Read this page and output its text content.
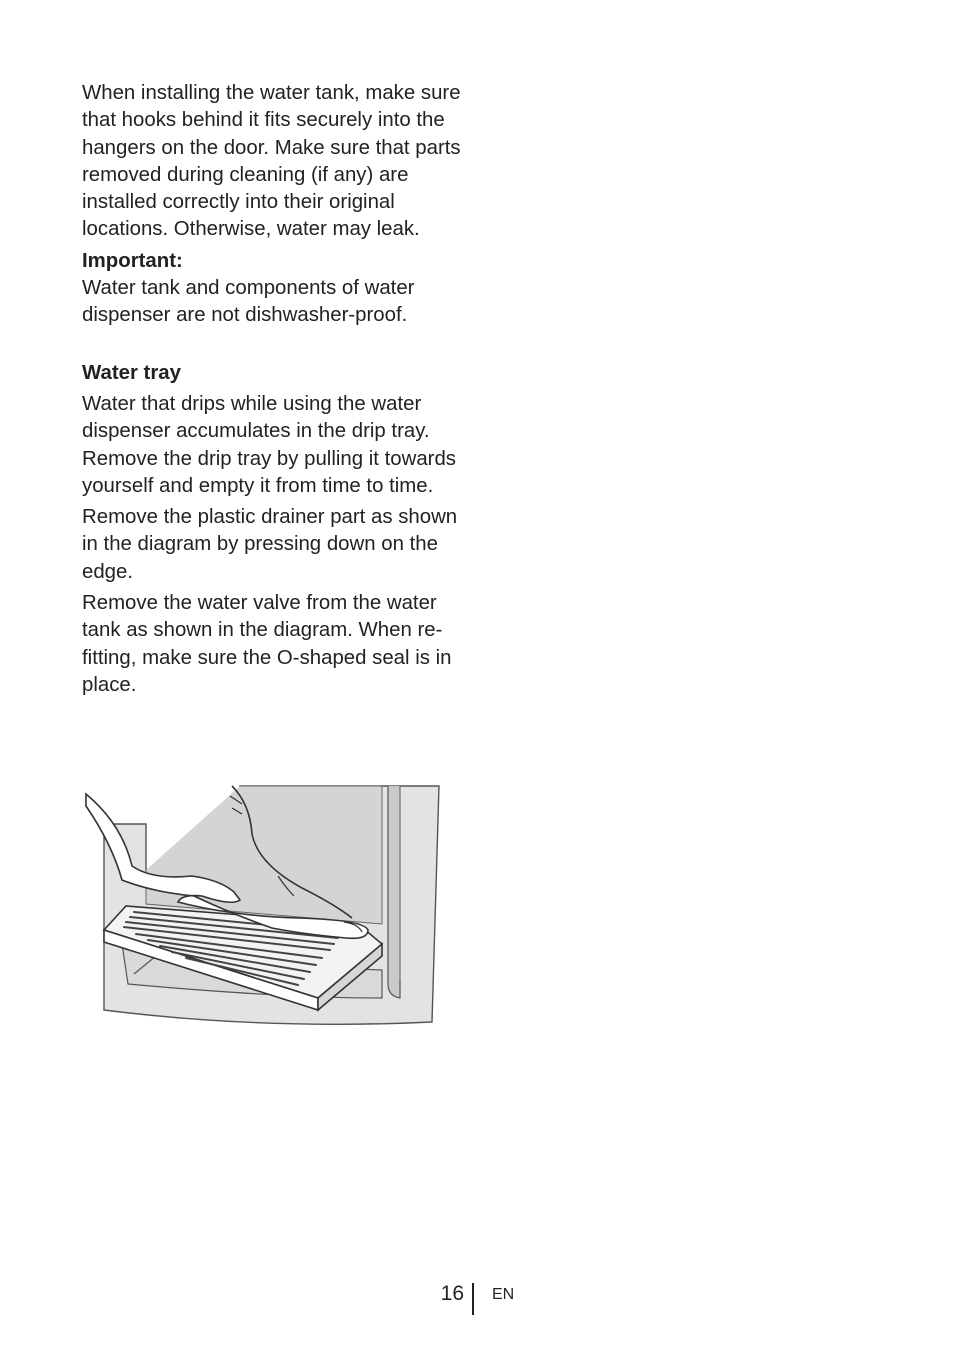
When installing the water tank, make sure that hooks behind it fits securely into the hangers on the door. Make sure that parts removed during cleaning (if any) are installed correctly into their original locations. Otherwise, water may leak.

Important:

Water tank and components of water dispenser are not dishwasher-proof.

Water tray

Water that drips while using the water dispenser accumulates in the drip tray. Remove the drip tray by pulling it towards yourself and empty it from time to time.

Remove the plastic drainer part as shown in the diagram by pressing down on the edge.

Remove the water valve from the water tank as shown in the diagram. When re-fitting, make sure the O-shaped seal is in place.

16 EN
